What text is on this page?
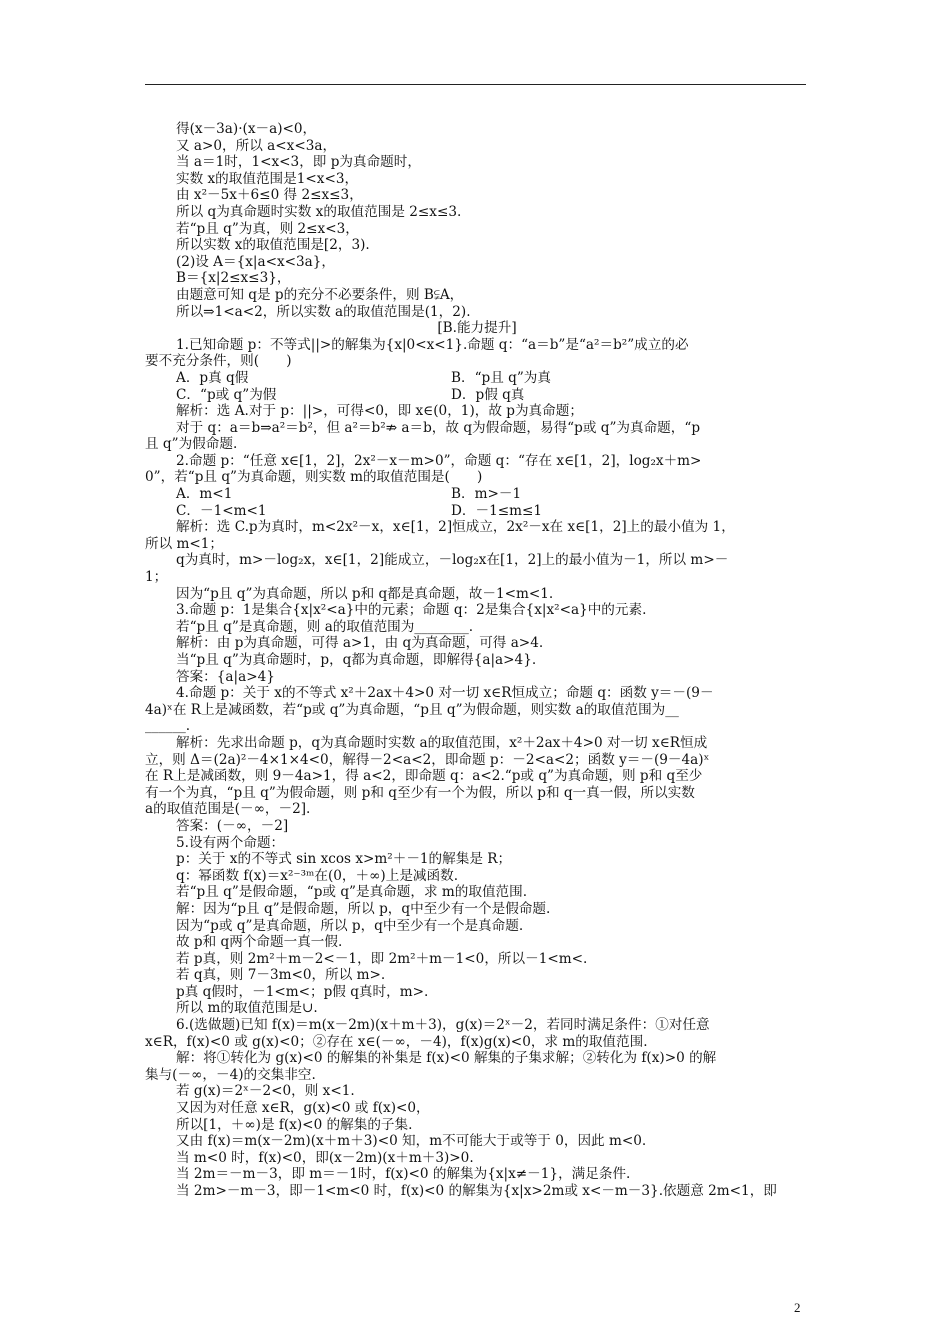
得(x－3a)·(x－a)<0，
又 a>0，所以 a<x<3a，
当 a＝1时，1<x<3，即 p为真命题时，
实数 x的取值范围是1<x<3，
由 x²－5x＋6≤0 得 2≤x≤3，
所以 q为真命题时实数 x的取值范围是 2≤x≤3.
若“p且 q”为真，则 2≤x<3，
所以实数 x的取值范围是[2，3).
(2)设 A＝{x|a<x<3a}，
B＝{x|2≤x≤3}，
由题意可知 q是 p的充分不必要条件，则 B⫋A，
所以⇒1<a<2，所以实数 a的取值范围是(1，2).
[B.能力提升]
1.已知命题 p：不等式||>的解集为{x|0<x<1}.命题 q：“a＝b”是“a²＝b²”成立的必
要不充分条件，则(　　)
A．p真 q假	B．“p且 q”为真
C．“p或 q”为假	D．p假 q真
解析：选 A.对于 p：||>，可得<0，即 x∈(0，1)，故 p为真命题；
对于 q：a＝b⇒a²＝b²，但 a²＝b²⇏ a＝b，故 q为假命题，易得“p或 q”为真命题，“p
且 q”为假命题.
2.命题 p：“任意 x∈[1，2]，2x²－x－m>0”，命题 q：“存在 x∈[1，2]，log₂x＋m>
0”，若“p且 q”为真命题，则实数 m的取值范围是(　　)
A．m<1	B．m>－1
C．－1<m<1	D．－1≤m≤1
解析：选 C.p为真时，m<2x²－x，x∈[1，2]恒成立，2x²－x在 x∈[1，2]上的最小值为 1，
所以 m<1；
q为真时，m>－log₂x，x∈[1，2]能成立，－log₂x在[1，2]上的最小值为－1，所以 m>－
1；
因为“p且 q”为真命题，所以 p和 q都是真命题，故－1<m<1.
3.命题 p：1是集合{x|x²<a}中的元素；命题 q：2是集合{x|x²<a}中的元素.
若“p且 q”是真命题，则 a的取值范围为________.
解析：由 p为真命题，可得 a>1，由 q为真命题，可得 a>4.
当“p且 q”为真命题时，p，q都为真命题，即解得{a|a>4}.
答案：{a|a>4}
4.命题 p：关于 x的不等式 x²＋2ax＋4>0 对一切 x∈R恒成立；命题 q：函数 y＝－(9－
4a)ˣ在 R上是减函数，若“p或 q”为真命题，“p且 q”为假命题，则实数 a的取值范围为__
______.
解析：先求出命题 p，q为真命题时实数 a的取值范围，x²＋2ax＋4>0 对一切 x∈R恒成
立，则 Δ＝(2a)²－4×1×4<0，解得－2<a<2，即命题 p：－2<a<2；函数 y＝－(9－4a)ˣ
在 R上是减函数，则 9－4a>1，得 a<2，即命题 q：a<2.“p或 q”为真命题，则 p和 q至少
有一个为真，“p且 q”为假命题，则 p和 q至少有一个为假，所以 p和 q一真一假，所以实数
a的取值范围是(－∞，－2].
答案：(－∞，－2]
5.设有两个命题：
p：关于 x的不等式 sin xcos x>m²＋－1的解集是 R；
q：幂函数 f(x)＝x²⁻³ᵐ在(0，＋∞)上是减函数.
若“p且 q”是假命题，“p或 q”是真命题，求 m的取值范围.
解：因为“p且 q”是假命题，所以 p，q中至少有一个是假命题.
因为“p或 q”是真命题，所以 p，q中至少有一个是真命题.
故 p和 q两个命题一真一假.
若 p真，则 2m²＋m－2<－1，即 2m²＋m－1<0，所以－1<m<.
若 q真，则 7－3m<0，所以 m>.
p真 q假时，－1<m<；p假 q真时，m>.
所以 m的取值范围是∪.
6.(选做题)已知 f(x)＝m(x－2m)(x＋m＋3)，g(x)＝2ˣ－2，若同时满足条件：①对任意
x∈R，f(x)<0 或 g(x)<0；②存在 x∈(－∞，－4)，f(x)g(x)<0，求 m的取值范围.
解：将①转化为 g(x)<0 的解集的补集是 f(x)<0 解集的子集求解；②转化为 f(x)>0 的解
集与(－∞，－4)的交集非空.
若 g(x)＝2ˣ－2<0，则 x<1.
又因为对任意 x∈R，g(x)<0 或 f(x)<0，
所以[1，＋∞)是 f(x)<0 的解集的子集.
又由 f(x)＝m(x－2m)(x＋m＋3)<0 知，m不可能大于或等于 0，因此 m<0.
当 m<0 时，f(x)<0，即(x－2m)(x＋m＋3)>0.
当 2m＝－m－3，即 m＝－1时，f(x)<0 的解集为{x|x≠－1}，满足条件.
当 2m>－m－3，即－1<m<0 时，f(x)<0 的解集为{x|x>2m或 x<－m－3}.依题意 2m<1，即
2
